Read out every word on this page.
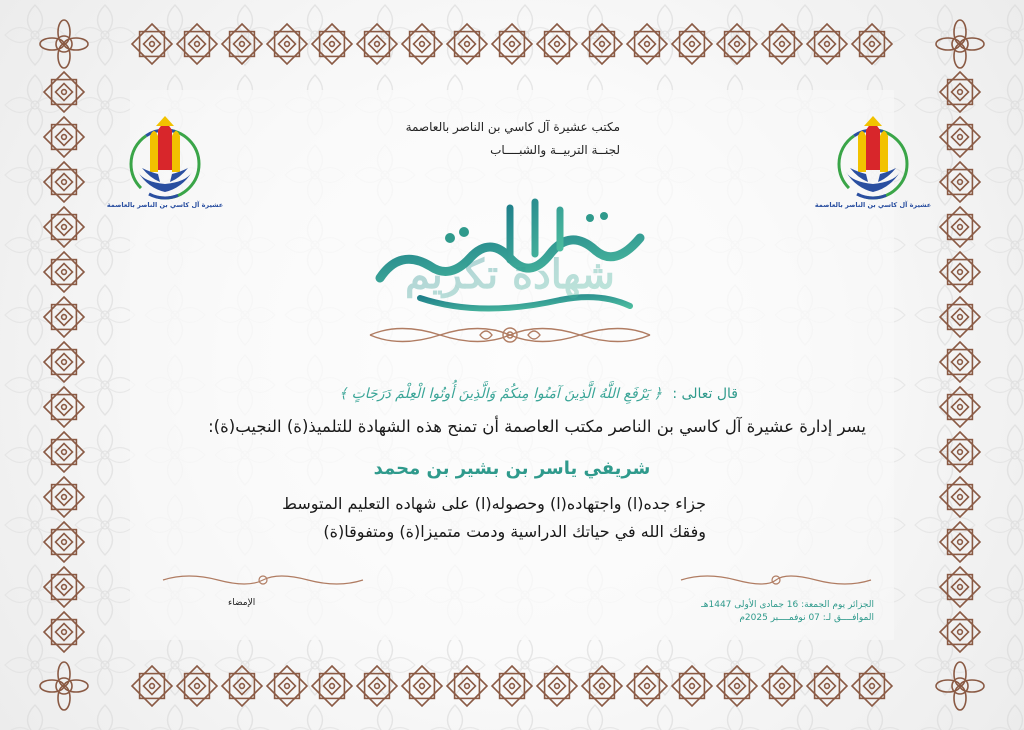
عشيرة آل كاسي بن الناصر بالعاصمة	عشيرة آل كاسي بن الناصر بالعاصمة
مكتب عشيرة آل كاسي بن الناصر بالعاصمة
لجنــة التربيــة والشبــــاب
شهادة تكريم
قال تعالى : ﴿ يَرْفَعِ اللَّهُ الَّذِينَ آمَنُوا مِنكُمْ وَالَّذِينَ أُوتُوا الْعِلْمَ دَرَجَاتٍ ﴾
يسر إدارة عشيرة آل كاسي بن الناصر مكتب العاصمة أن تمنح هذه الشهادة للتلميذ(ة) النجيب(ة):
شريفي ياسر بن بشير بن محمد
جزاء جده(ا) واجتهاده(ا) وحصوله(ا) على شهاده التعليم المتوسط
وفقك الله في حياتك الدراسية ودمت متميزا(ة) ومتفوقا(ة)
الإمضاء	الجزائر يوم الجمعة: 16 جمادى الأولى 1447هـ
الموافــــق لـ: 07 نوفمــــبر 2025م
